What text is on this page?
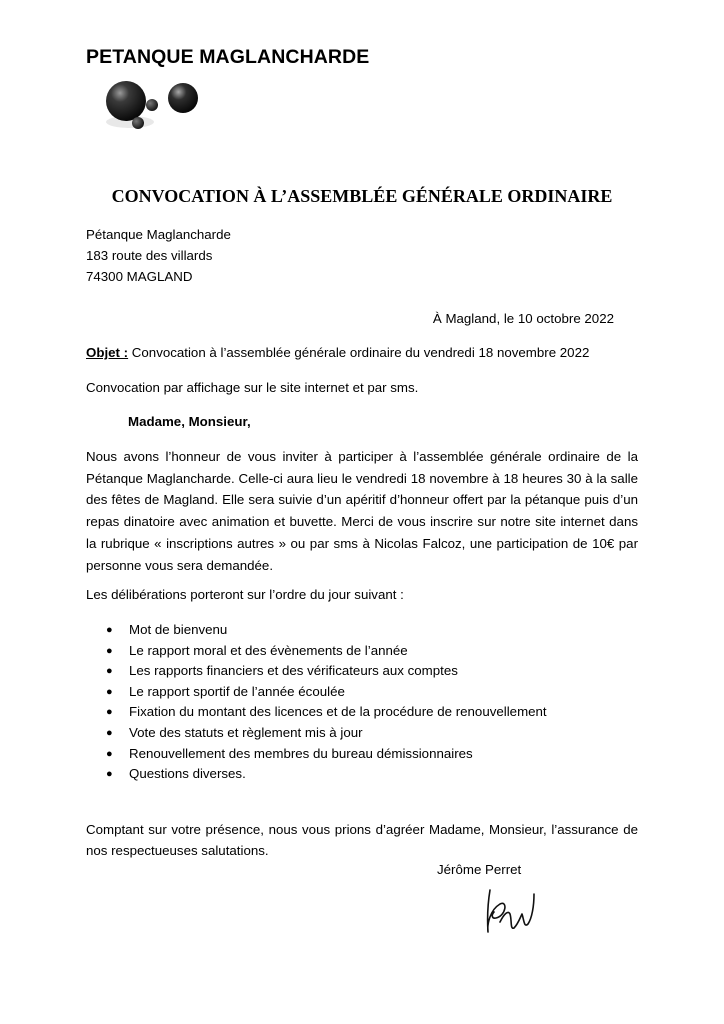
PETANQUE MAGLANCHARDE
CONVOCATION À L’ASSEMBLÉE GÉNÉRALE ORDINAIRE
Pétanque Maglancharde
183 route des villards
74300 MAGLAND
À Magland, le 10 octobre 2022
Objet : Convocation à l’assemblée générale ordinaire du vendredi 18 novembre 2022
Convocation par affichage sur le site internet et par sms.
Madame, Monsieur,
Nous avons l’honneur de vous inviter à participer à l’assemblée générale ordinaire de la Pétanque Maglancharde. Celle-ci aura lieu le vendredi 18 novembre à 18 heures 30 à la salle des fêtes de Magland. Elle sera suivie d’un apéritif d’honneur offert par la pétanque puis d’un repas dinatoire avec animation et buvette. Merci de vous inscrire sur notre site internet dans la rubrique « inscriptions autres » ou par sms à Nicolas Falcoz, une participation de 10€ par personne vous sera demandée.
Les délibérations porteront sur l’ordre du jour suivant :
● Mot de bienvenu
● Le rapport moral et des évènements de l’année
● Les rapports financiers et des vérificateurs aux comptes
● Le rapport sportif de l’année écoulée
● Fixation du montant des licences et de la procédure de renouvellement
● Vote des statuts et règlement mis à jour
● Renouvellement des membres du bureau démissionnaires
● Questions diverses.
Comptant sur votre présence, nous vous prions d’agréer Madame, Monsieur, l’assurance de nos respectueuses salutations.
Jérôme Perret
